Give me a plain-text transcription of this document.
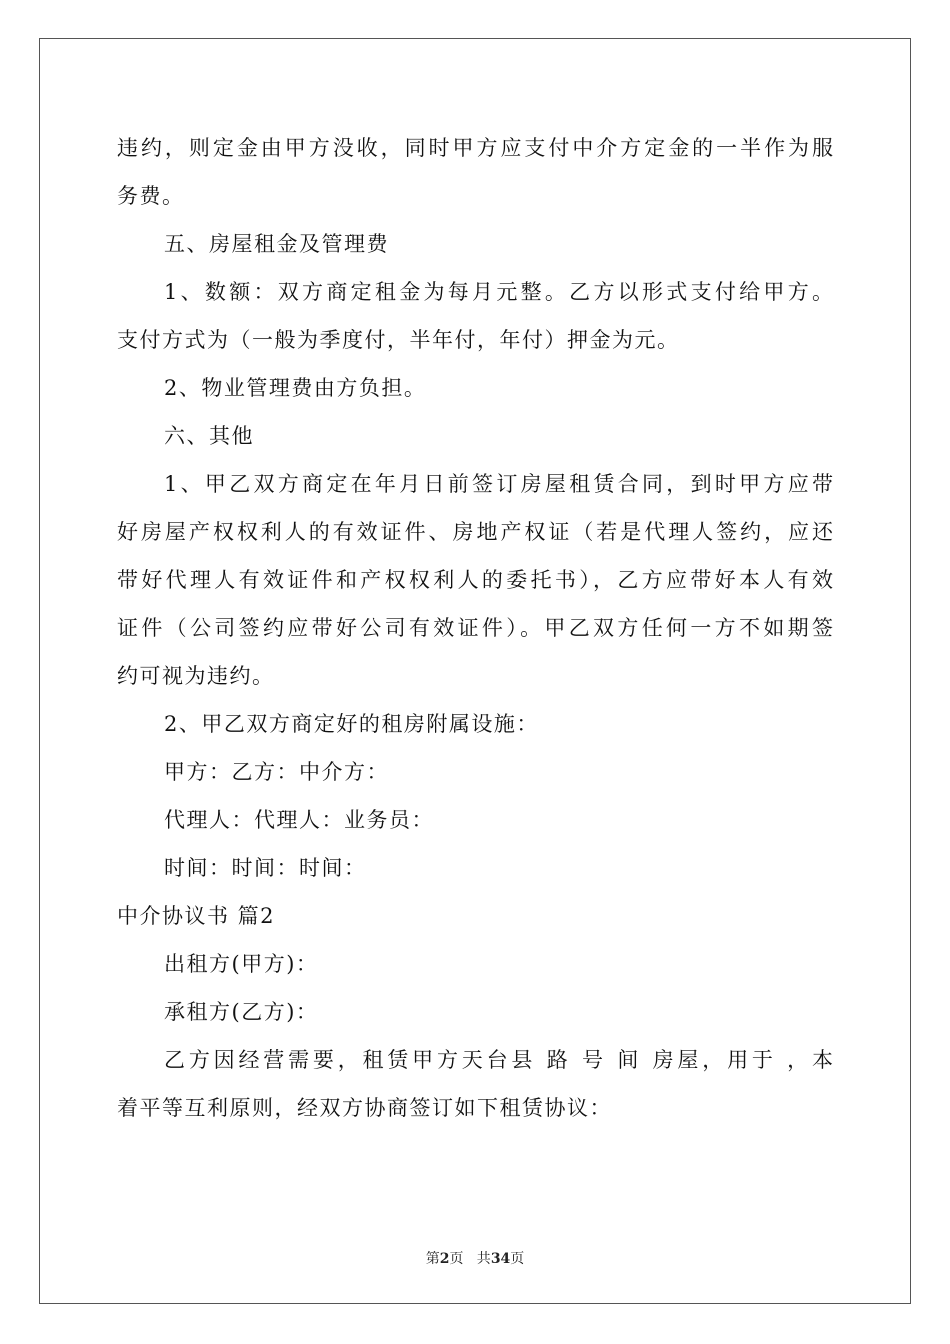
违约，则定金由甲方没收，同时甲方应支付中介方定金的一半作为服
务费。
五、房屋租金及管理费
1、数额：双方商定租金为每月元整。乙方以形式支付给甲方。
支付方式为（一般为季度付，半年付，年付）押金为元。
2、物业管理费由方负担。
六、其他
1、甲乙双方商定在年月日前签订房屋租赁合同，到时甲方应带
好房屋产权权利人的有效证件、房地产权证（若是代理人签约，应还
带好代理人有效证件和产权权利人的委托书），乙方应带好本人有效
证件（公司签约应带好公司有效证件）。甲乙双方任何一方不如期签
约可视为违约。
2、甲乙双方商定好的租房附属设施：
甲方：乙方：中介方：
代理人：代理人：业务员：
时间：时间：时间：
中介协议书 篇2
出租方(甲方)：
承租方(乙方)：
乙方因经营需要，租赁甲方天台县 路 号 间 房屋，用于 ，本
着平等互利原则，经双方协商签订如下租赁协议：
第2页   共34页
